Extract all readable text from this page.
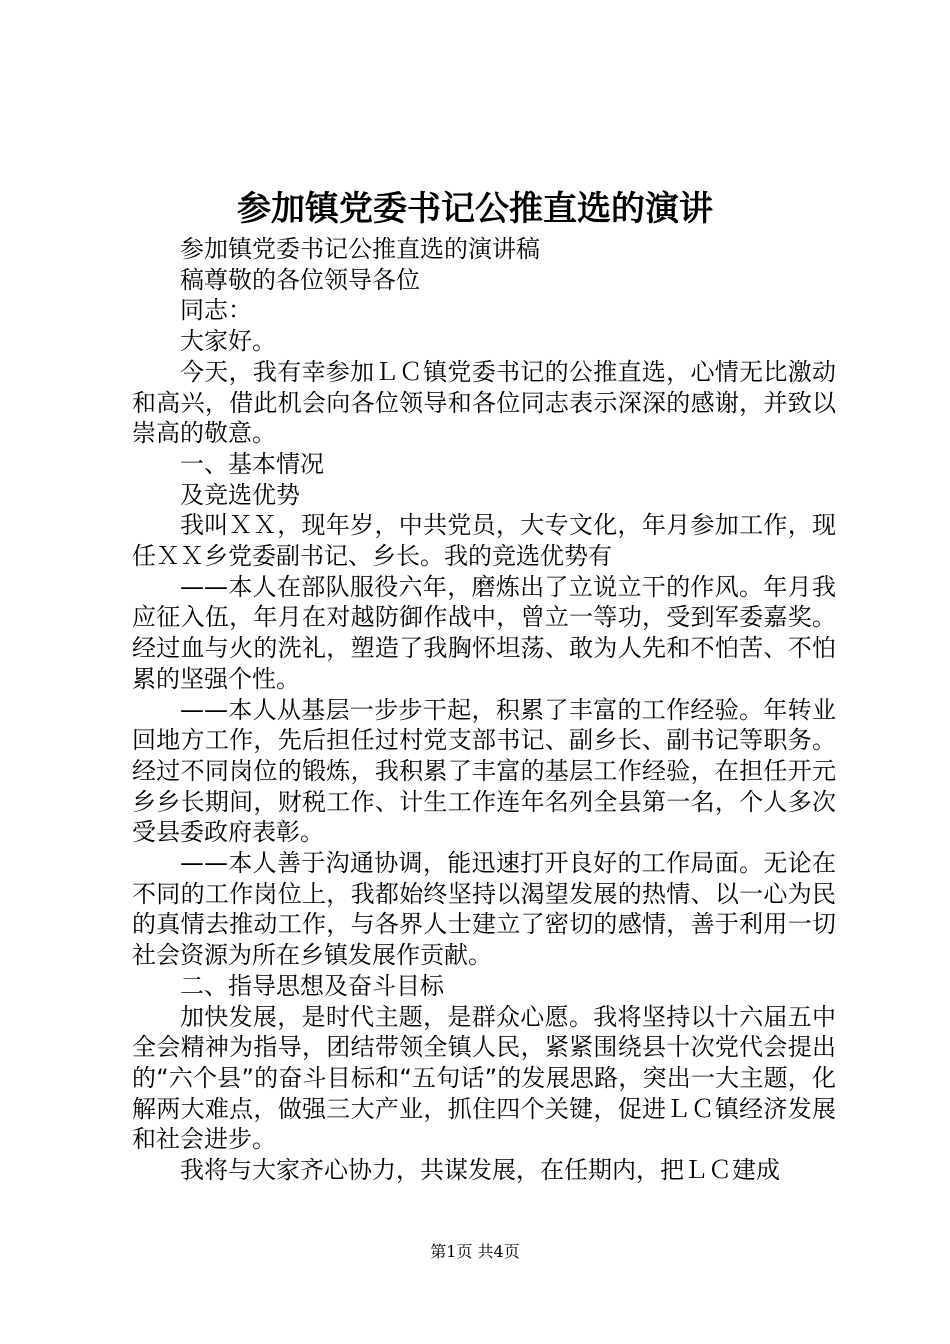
参加镇党委书记公推直选的演讲

参加镇党委书记公推直选的演讲稿

稿尊敬的各位领导各位

同志：

大家好。

今天，我有幸参加ＬＣ镇党委书记的公推直选，心情无比激动和高兴，借此机会向各位领导和各位同志表示深深的感谢，并致以崇高的敬意。

一、基本情况

及竞选优势

我叫ＸＸ，现年岁，中共党员，大专文化，年月参加工作，现任ＸＸ乡党委副书记、乡长。我的竞选优势有

——本人在部队服役六年，磨炼出了立说立干的作风。年月我应征入伍，年月在对越防御作战中，曾立一等功，受到军委嘉奖。经过血与火的洗礼，塑造了我胸怀坦荡、敢为人先和不怕苦、不怕累的坚强个性。

——本人从基层一步步干起，积累了丰富的工作经验。年转业回地方工作，先后担任过村党支部书记、副乡长、副书记等职务。经过不同岗位的锻炼，我积累了丰富的基层工作经验，在担任开元乡乡长期间，财税工作、计生工作连年名列全县第一名，个人多次受县委政府表彰。

——本人善于沟通协调，能迅速打开良好的工作局面。无论在不同的工作岗位上，我都始终坚持以渴望发展的热情、以一心为民的真情去推动工作，与各界人士建立了密切的感情，善于利用一切社会资源为所在乡镇发展作贡献。

二、指导思想及奋斗目标

加快发展，是时代主题，是群众心愿。我将坚持以十六届五中全会精神为指导，团结带领全镇人民，紧紧围绕县十次党代会提出的“六个县”的奋斗目标和“五句话”的发展思路，突出一大主题，化解两大难点，做强三大产业，抓住四个关键，促进ＬＣ镇经济发展和社会进步。

我将与大家齐心协力，共谋发展，在任期内，把ＬＣ建成

第1页 共4页
